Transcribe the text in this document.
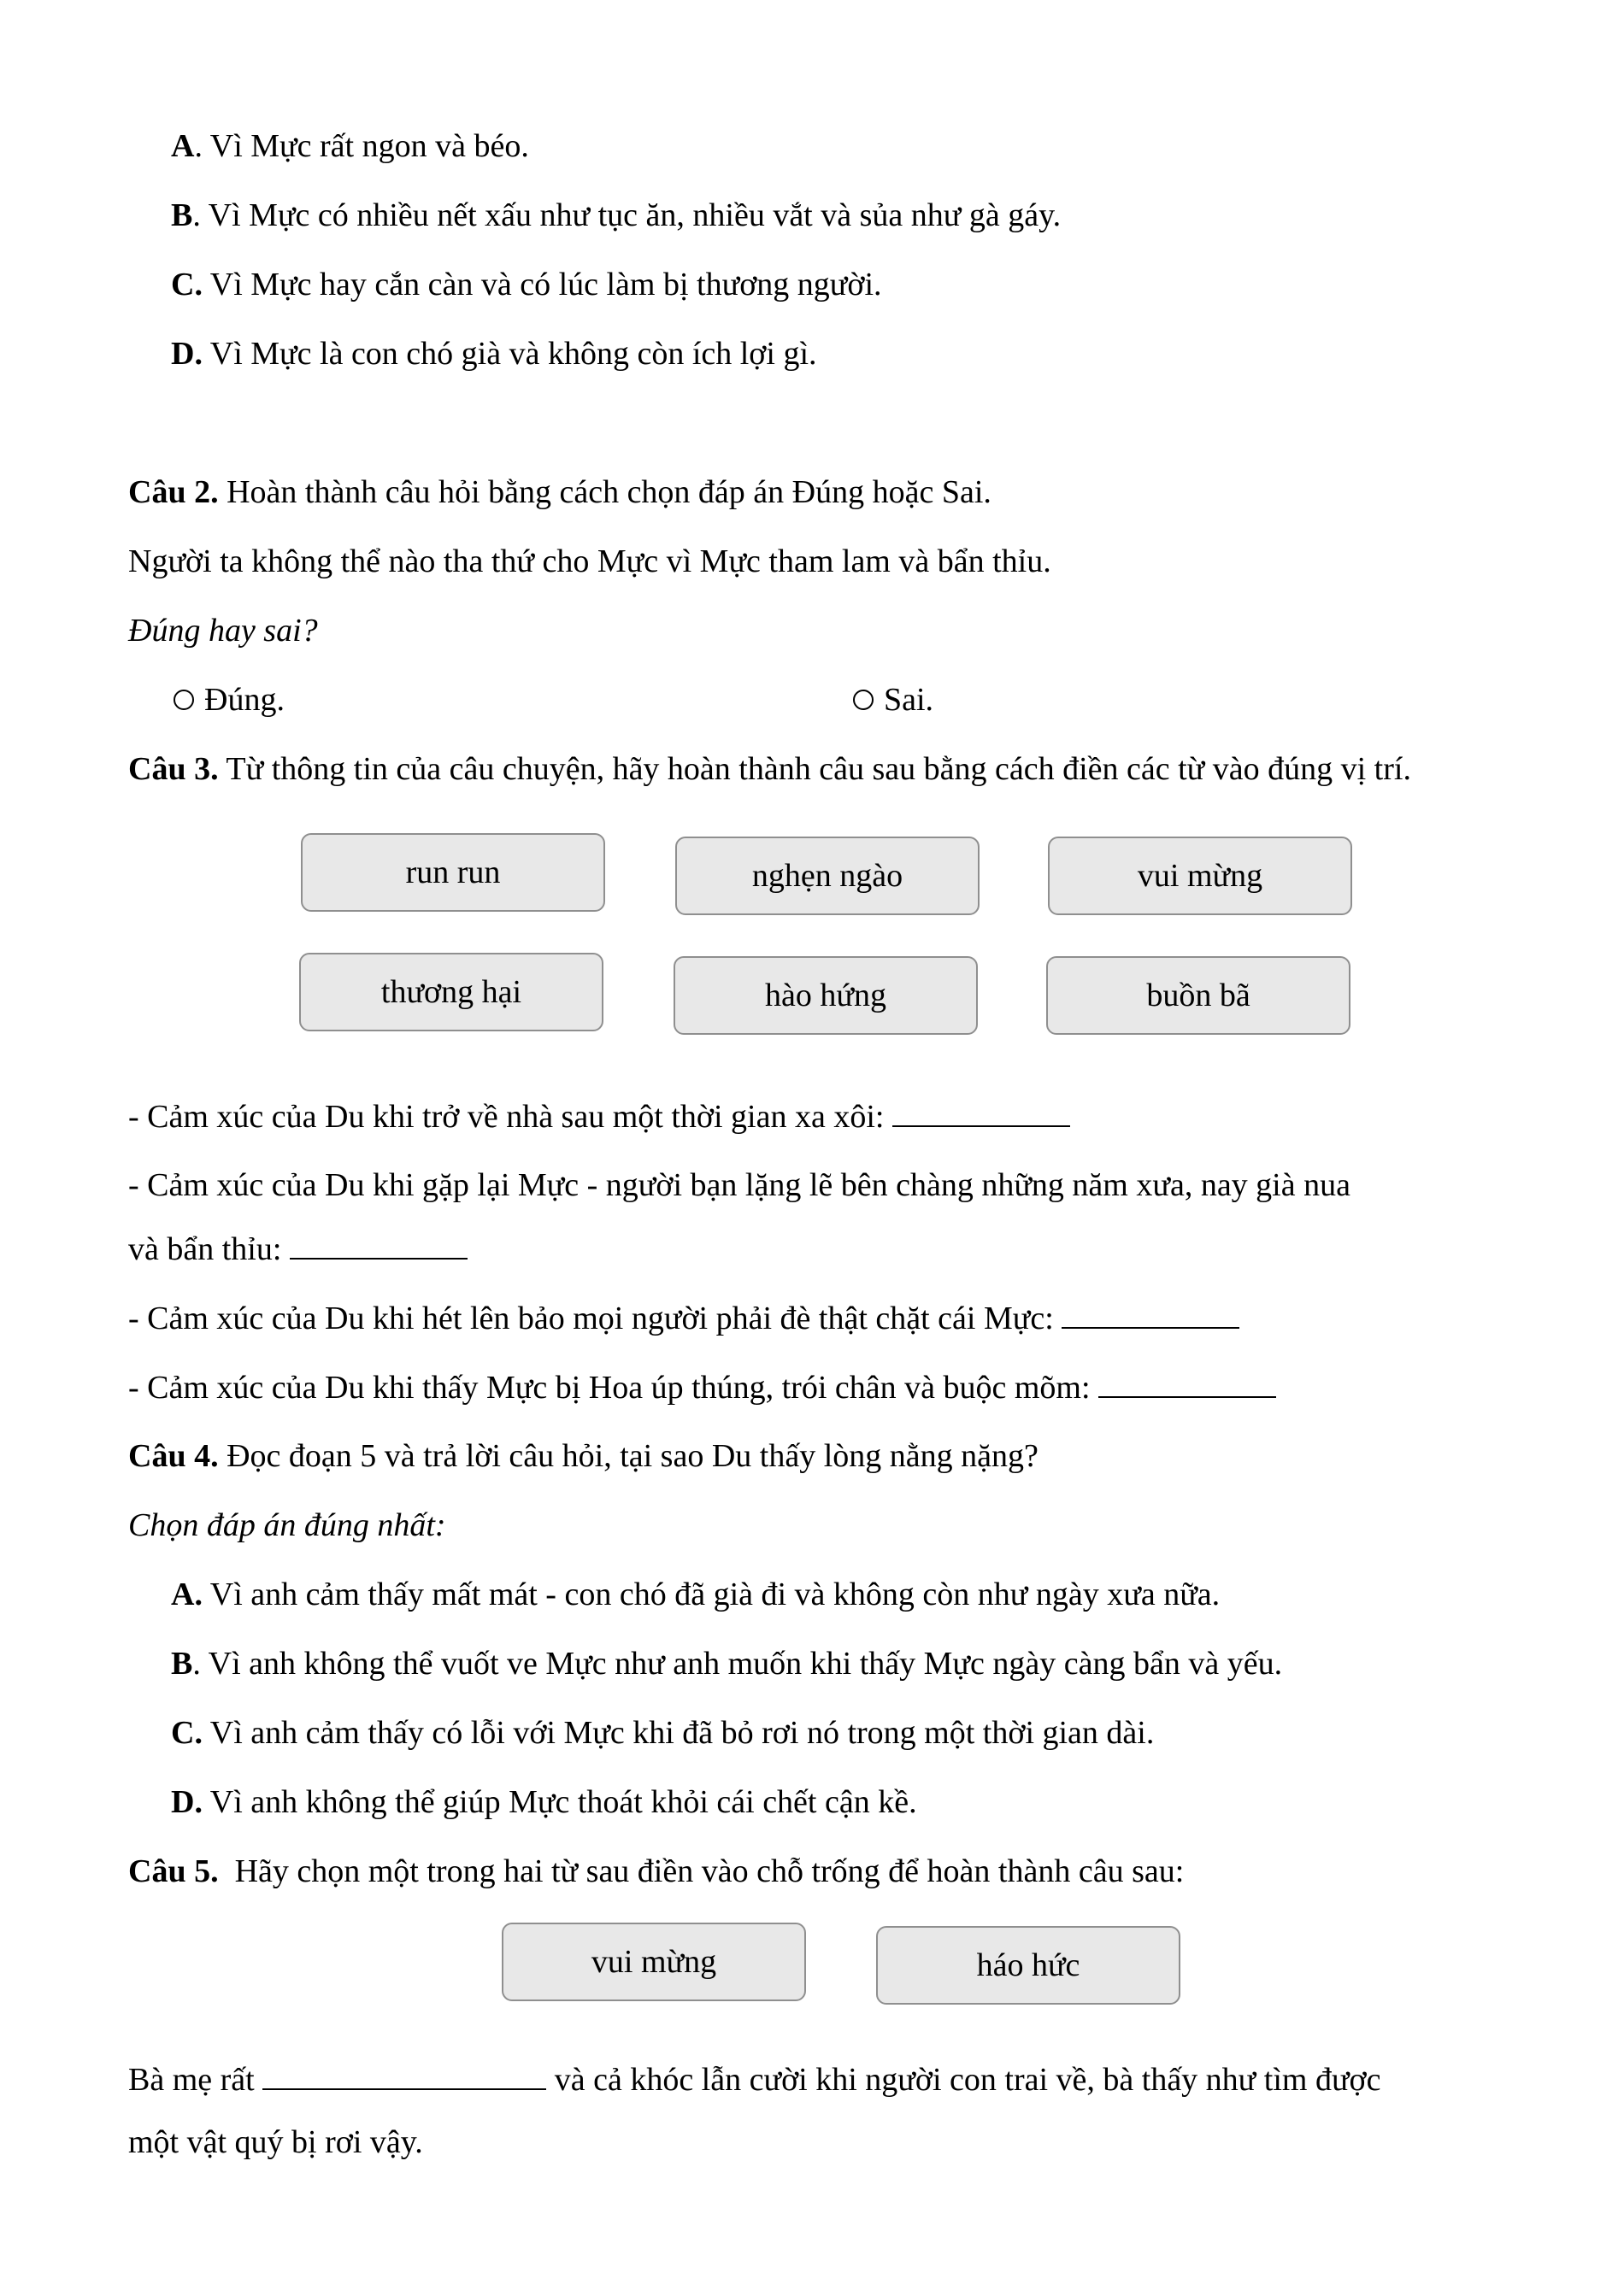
A. Vì Mực rất ngon và béo.
B. Vì Mực có nhiều nết xấu như tục ăn, nhiều vắt và sủa như gà gáy.
C. Vì Mực hay cắn càn và có lúc làm bị thương người.
D. Vì Mực là con chó già và không còn ích lợi gì.
Câu 2. Hoàn thành câu hỏi bằng cách chọn đáp án Đúng hoặc Sai.
Người ta không thể nào tha thứ cho Mực vì Mực tham lam và bẩn thỉu.
Đúng hay sai?
Đúng.	Sai.
Câu 3. Từ thông tin của câu chuyện, hãy hoàn thành câu sau bằng cách điền các từ vào đúng vị trí.
run run	nghẹn ngào	vui mừng
thương hại	hào hứng	buồn bã
- Cảm xúc của Du khi trở về nhà sau một thời gian xa xôi:
- Cảm xúc của Du khi gặp lại Mực - người bạn lặng lẽ bên chàng những năm xưa, nay già nua
và bẩn thỉu:
- Cảm xúc của Du khi hét lên bảo mọi người phải đè thật chặt cái Mực:
- Cảm xúc của Du khi thấy Mực bị Hoa úp thúng, trói chân và buộc mõm:
Câu 4. Đọc đoạn 5 và trả lời câu hỏi, tại sao Du thấy lòng nằng nặng?
Chọn đáp án đúng nhất:
A. Vì anh cảm thấy mất mát - con chó đã già đi và không còn như ngày xưa nữa.
B. Vì anh không thể vuốt ve Mực như anh muốn khi thấy Mực ngày càng bẩn và yếu.
C. Vì anh cảm thấy có lỗi với Mực khi đã bỏ rơi nó trong một thời gian dài.
D. Vì anh không thể giúp Mực thoát khỏi cái chết cận kề.
Câu 5.  Hãy chọn một trong hai từ sau điền vào chỗ trống để hoàn thành câu sau:
vui mừng	háo hức
Bà mẹ rất	và cả khóc lẫn cười khi người con trai về, bà thấy như tìm được
một vật quý bị rơi vậy.
